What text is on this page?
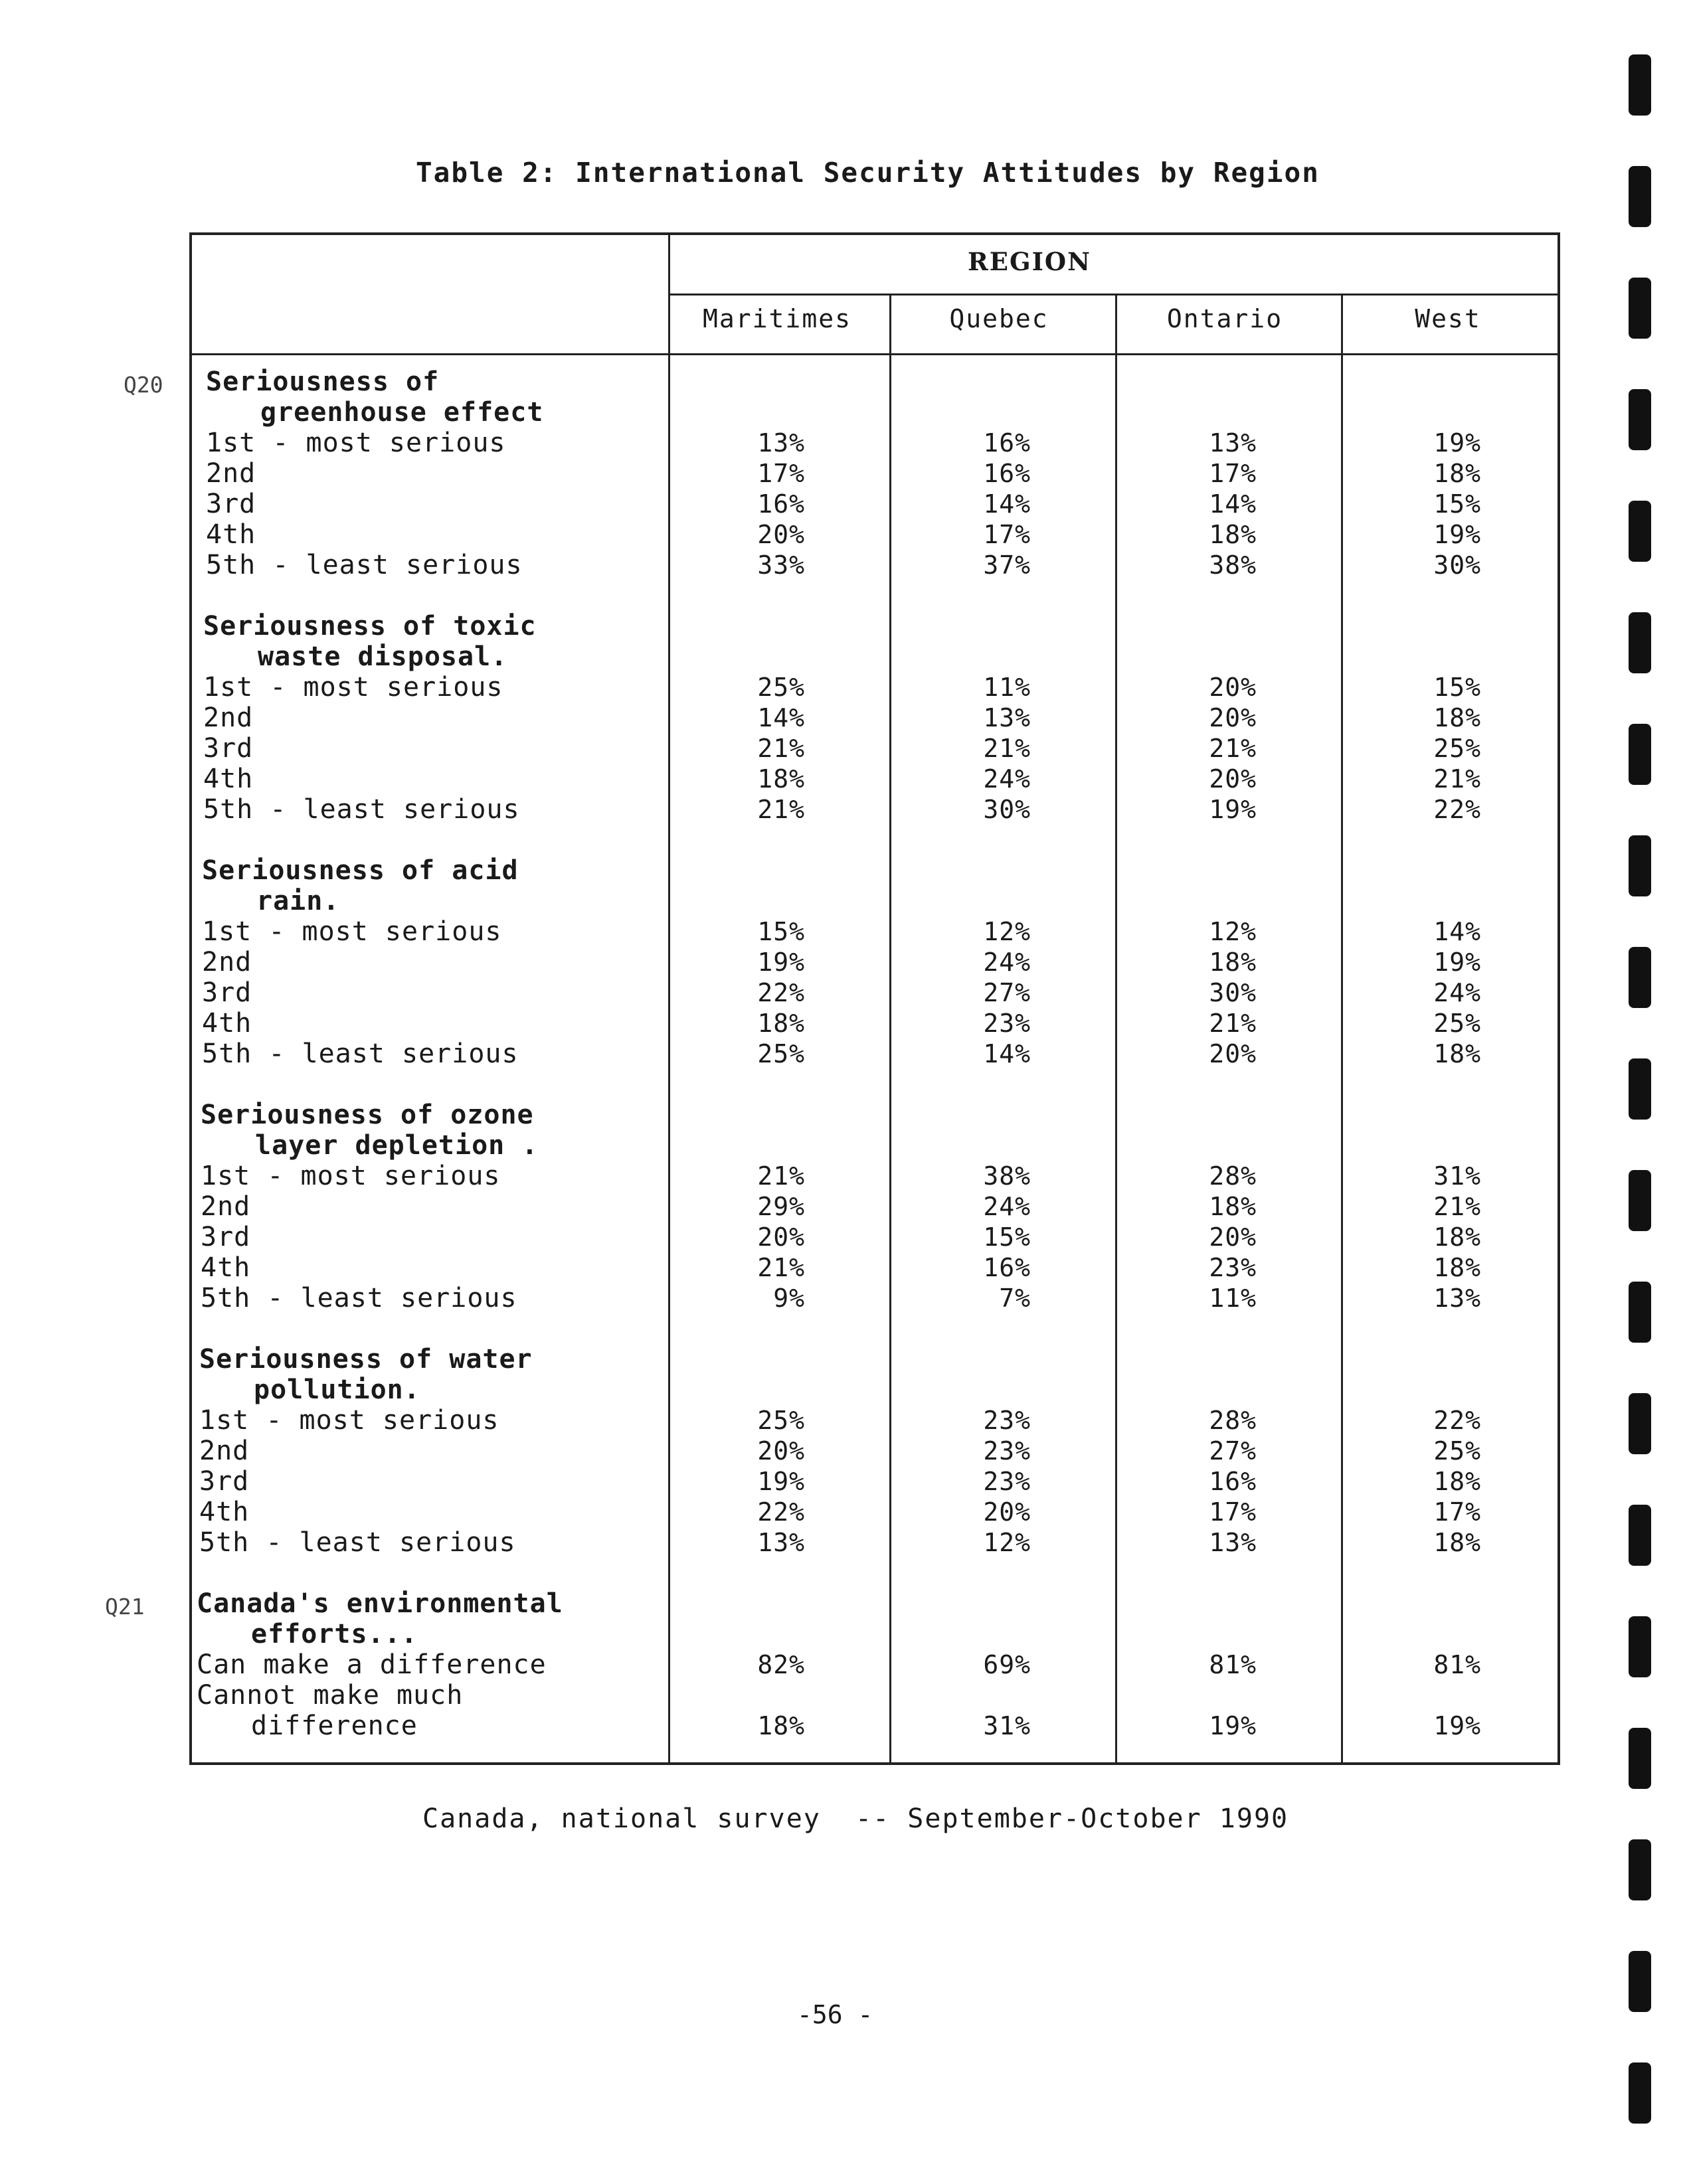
Table 2: International Security Attitudes by Region
REGION
Maritimes	Quebec	Ontario	West
Seriousness of
greenhouse effect
1st - most serious	13%	16%	13%	19%
2nd	17%	16%	17%	18%
3rd	16%	14%	14%	15%
4th	20%	17%	18%	19%
5th - least serious	33%	37%	38%	30%
Seriousness of toxic
waste disposal.
1st - most serious	25%	11%	20%	15%
2nd	14%	13%	20%	18%
3rd	21%	21%	21%	25%
4th	18%	24%	20%	21%
5th - least serious	21%	30%	19%	22%
Seriousness of acid
rain.
1st - most serious	15%	12%	12%	14%
2nd	19%	24%	18%	19%
3rd	22%	27%	30%	24%
4th	18%	23%	21%	25%
5th - least serious	25%	14%	20%	18%
Seriousness of ozone
layer depletion .
1st - most serious	21%	38%	28%	31%
2nd	29%	24%	18%	21%
3rd	20%	15%	20%	18%
4th	21%	16%	23%	18%
5th - least serious	9%	7%	11%	13%
Seriousness of water
pollution.
1st - most serious	25%	23%	28%	22%
2nd	20%	23%	27%	25%
3rd	19%	23%	16%	18%
4th	22%	20%	17%	17%
5th - least serious	13%	12%	13%	18%
Canada's environmental
efforts...
Can make a difference	82%	69%	81%	81%
Cannot make much
difference	18%	31%	19%	19%
Q20
Q21
Canada, national survey  -- September-October 1990
-56 -
